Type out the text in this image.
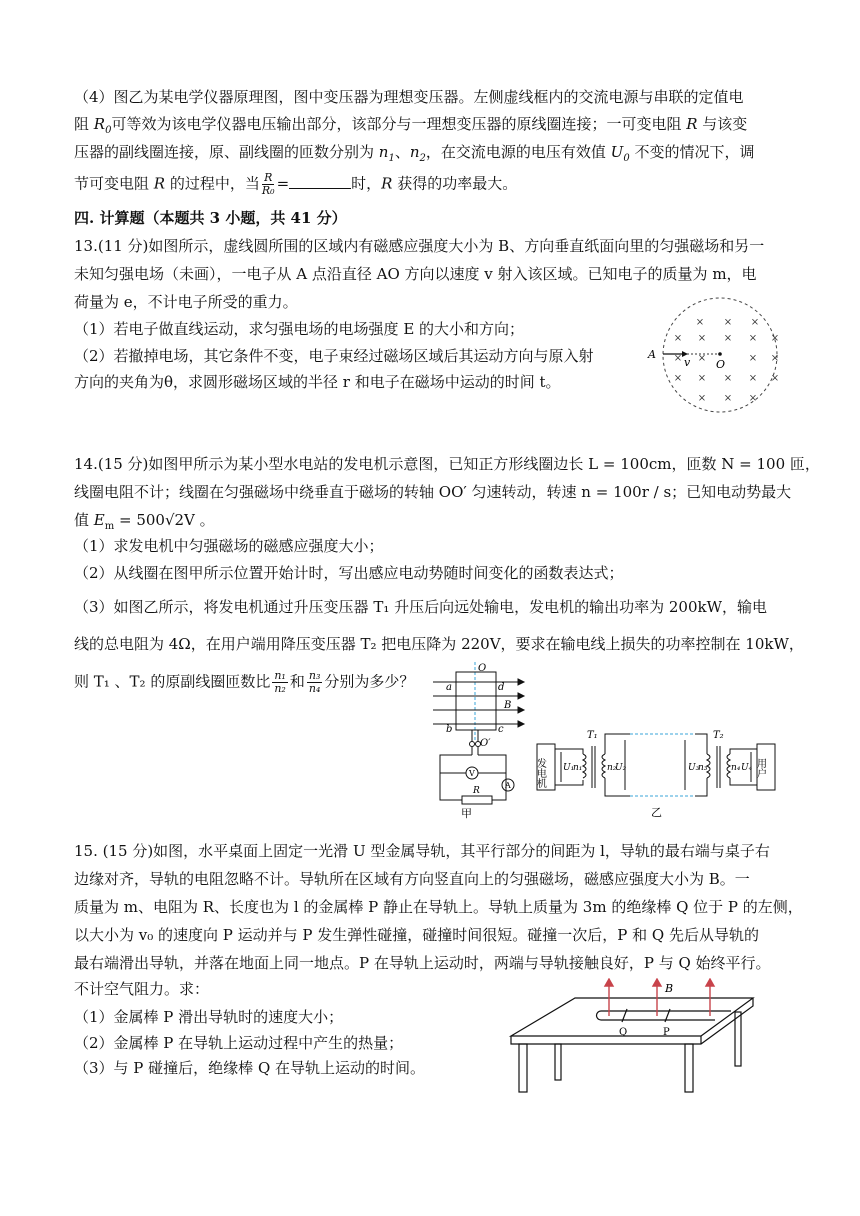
（4）图乙为某电学仪器原理图，图中变压器为理想变压器。左侧虚线框内的交流电源与串联的定值电
阻 $R_0$可等效为该电学仪器电压输出部分，该部分与一理想变压器的原线圈连接；一可变电阻 R 与该变
压器的副线圈连接，原、副线圈的匝数分别为 $n_1$、$n_2$，在交流电源的电压有效值 $U_0$ 不变的情况下，调
节可变电阻 R 的过程中，当 $\frac{R}{\text{R₀}}$ =	时，R 获得的功率最大。
四. 计算题（本题共 3 小题，共 41 分）
13.(11 分)如图所示，虚线圆所围的区域内有磁感应强度大小为 B、方向垂直纸面向里的匀强磁场和另一
未知匀强电场（未画），一电子从 A 点沿直径 AO 方向以速度 v 射入该区域。已知电子的质量为 m，电
荷量为 e，不计电子所受的重力。
（1）若电子做直线运动，求匀强电场的电场强度 E 的大小和方向；
（2）若撤掉电场，其它条件不变，电子束经过磁场区域后其运动方向与原入射
方向的夹角为θ，求圆形磁场区域的半径 r 和电子在磁场中运动的时间 t。
× × ×
× × × × ×
× ×	× ×
× × × × ×
× × ×
A
v O
14.(15 分)如图甲所示为某小型水电站的发电机示意图，已知正方形线圈边长 L = 100cm，匝数 N = 100 匝，
线圈电阻不计；线圈在匀强磁场中绕垂直于磁场的转轴 OO′ 匀速转动，转速 n = 100r / s；已知电动势最大
值 $E_m = 500√2V$ 。
（1）求发电机中匀强磁场的磁感应强度大小；
（2）从线圈在图甲所示位置开始计时，写出感应电动势随时间变化的函数表达式；
（3）如图乙所示，将发电机通过升压变压器 T₁ 升压后向远处输电，发电机的输出功率为 200kW，输电
线的总电阻为 4Ω，在用户端用降压变压器 T₂ 把电压降为 220V，要求在输电线上损失的功率控制在 10kW，
则 T₁ 、T₂ 的原副线圈匝数比 $\frac{\text{n₁}}{\text{n₂}}$ 和 $\frac{\text{n₃}}{\text{n₄}}$ 分别为多少？
O
O′
a	d
b	c
B
V
A
R
甲
发电机	用户
T₁	T₂
U₁
n₁	n₂
U₂	U₃
n₃	n₄ U₄
乙
15. (15 分)如图，水平桌面上固定一光滑 U 型金属导轨，其平行部分的间距为 l，导轨的最右端与桌子右
边缘对齐，导轨的电阻忽略不计。导轨所在区域有方向竖直向上的匀强磁场，磁感应强度大小为 B。一
质量为 m、电阻为 R、长度也为 l 的金属棒 P 静止在导轨上。导轨上质量为 3m 的绝缘棒 Q 位于 P 的左侧，
以大小为 v₀ 的速度向 P 运动并与 P 发生弹性碰撞，碰撞时间很短。碰撞一次后，P 和 Q 先后从导轨的
最右端滑出导轨，并落在地面上同一地点。P 在导轨上运动时，两端与导轨接触良好，P 与 Q 始终平行。
不计空气阻力。求：
（1）金属棒 P 滑出导轨时的速度大小；
（2）金属棒 P 在导轨上运动过程中产生的热量；
（3）与 P 碰撞后，绝缘棒 Q 在导轨上运动的时间。
B
Q	P
